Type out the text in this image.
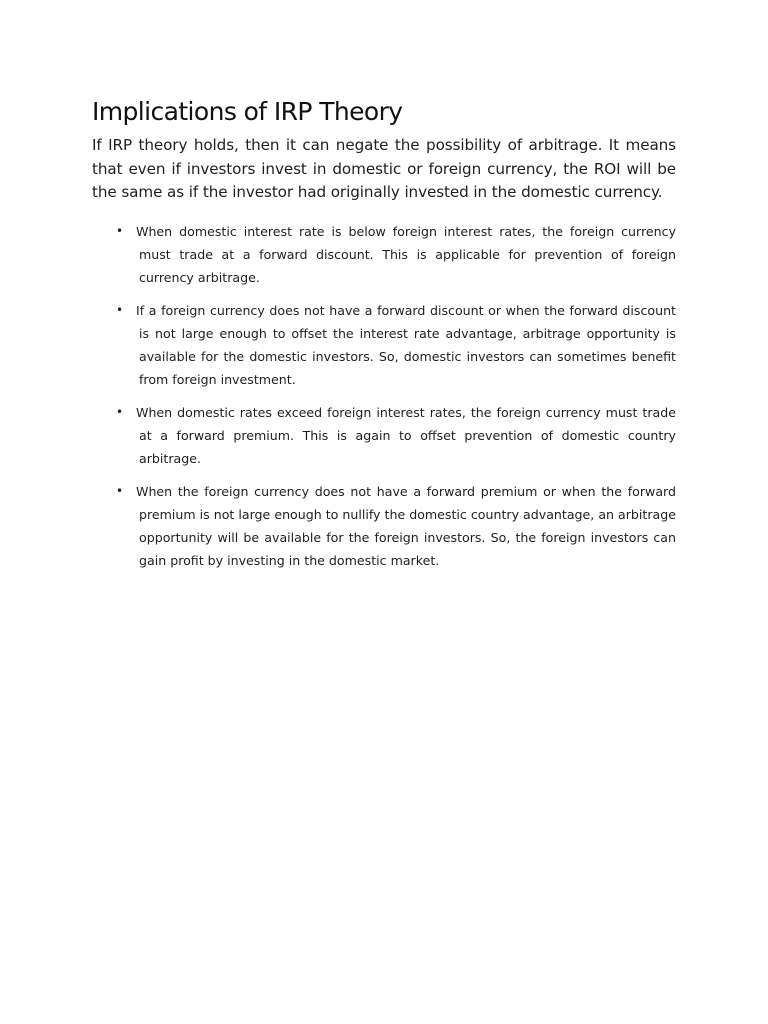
Implications of IRP Theory

If IRP theory holds, then it can negate the possibility of arbitrage. It means that even if investors invest in domestic or foreign currency, the ROI will be the same as if the investor had originally invested in the domestic currency.

• When domestic interest rate is below foreign interest rates, the foreign currency must trade at a forward discount. This is applicable for prevention of foreign currency arbitrage.
• If a foreign currency does not have a forward discount or when the forward discount is not large enough to offset the interest rate advantage, arbitrage opportunity is available for the domestic investors. So, domestic investors can sometimes benefit from foreign investment.
• When domestic rates exceed foreign interest rates, the foreign currency must trade at a forward premium. This is again to offset prevention of domestic country arbitrage.
• When the foreign currency does not have a forward premium or when the forward premium is not large enough to nullify the domestic country advantage, an arbitrage opportunity will be available for the foreign investors. So, the foreign investors can gain profit by investing in the domestic market.
